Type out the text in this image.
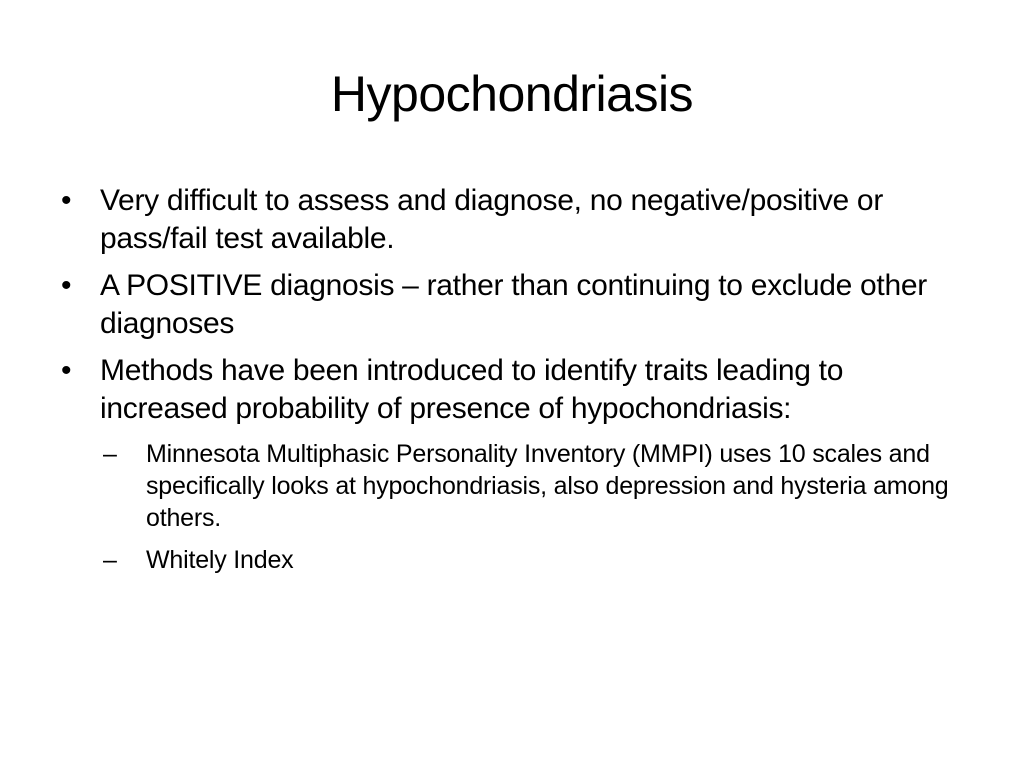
Hypochondriasis
• Very difficult to assess and diagnose, no negative/positive or pass/fail test available.
• A POSITIVE diagnosis – rather than continuing to exclude other diagnoses
• Methods have been introduced to identify traits leading to increased probability of presence of hypochondriasis:
– Minnesota Multiphasic Personality Inventory (MMPI) uses 10 scales and specifically looks at hypochondriasis, also depression and hysteria among others.
– Whitely Index
